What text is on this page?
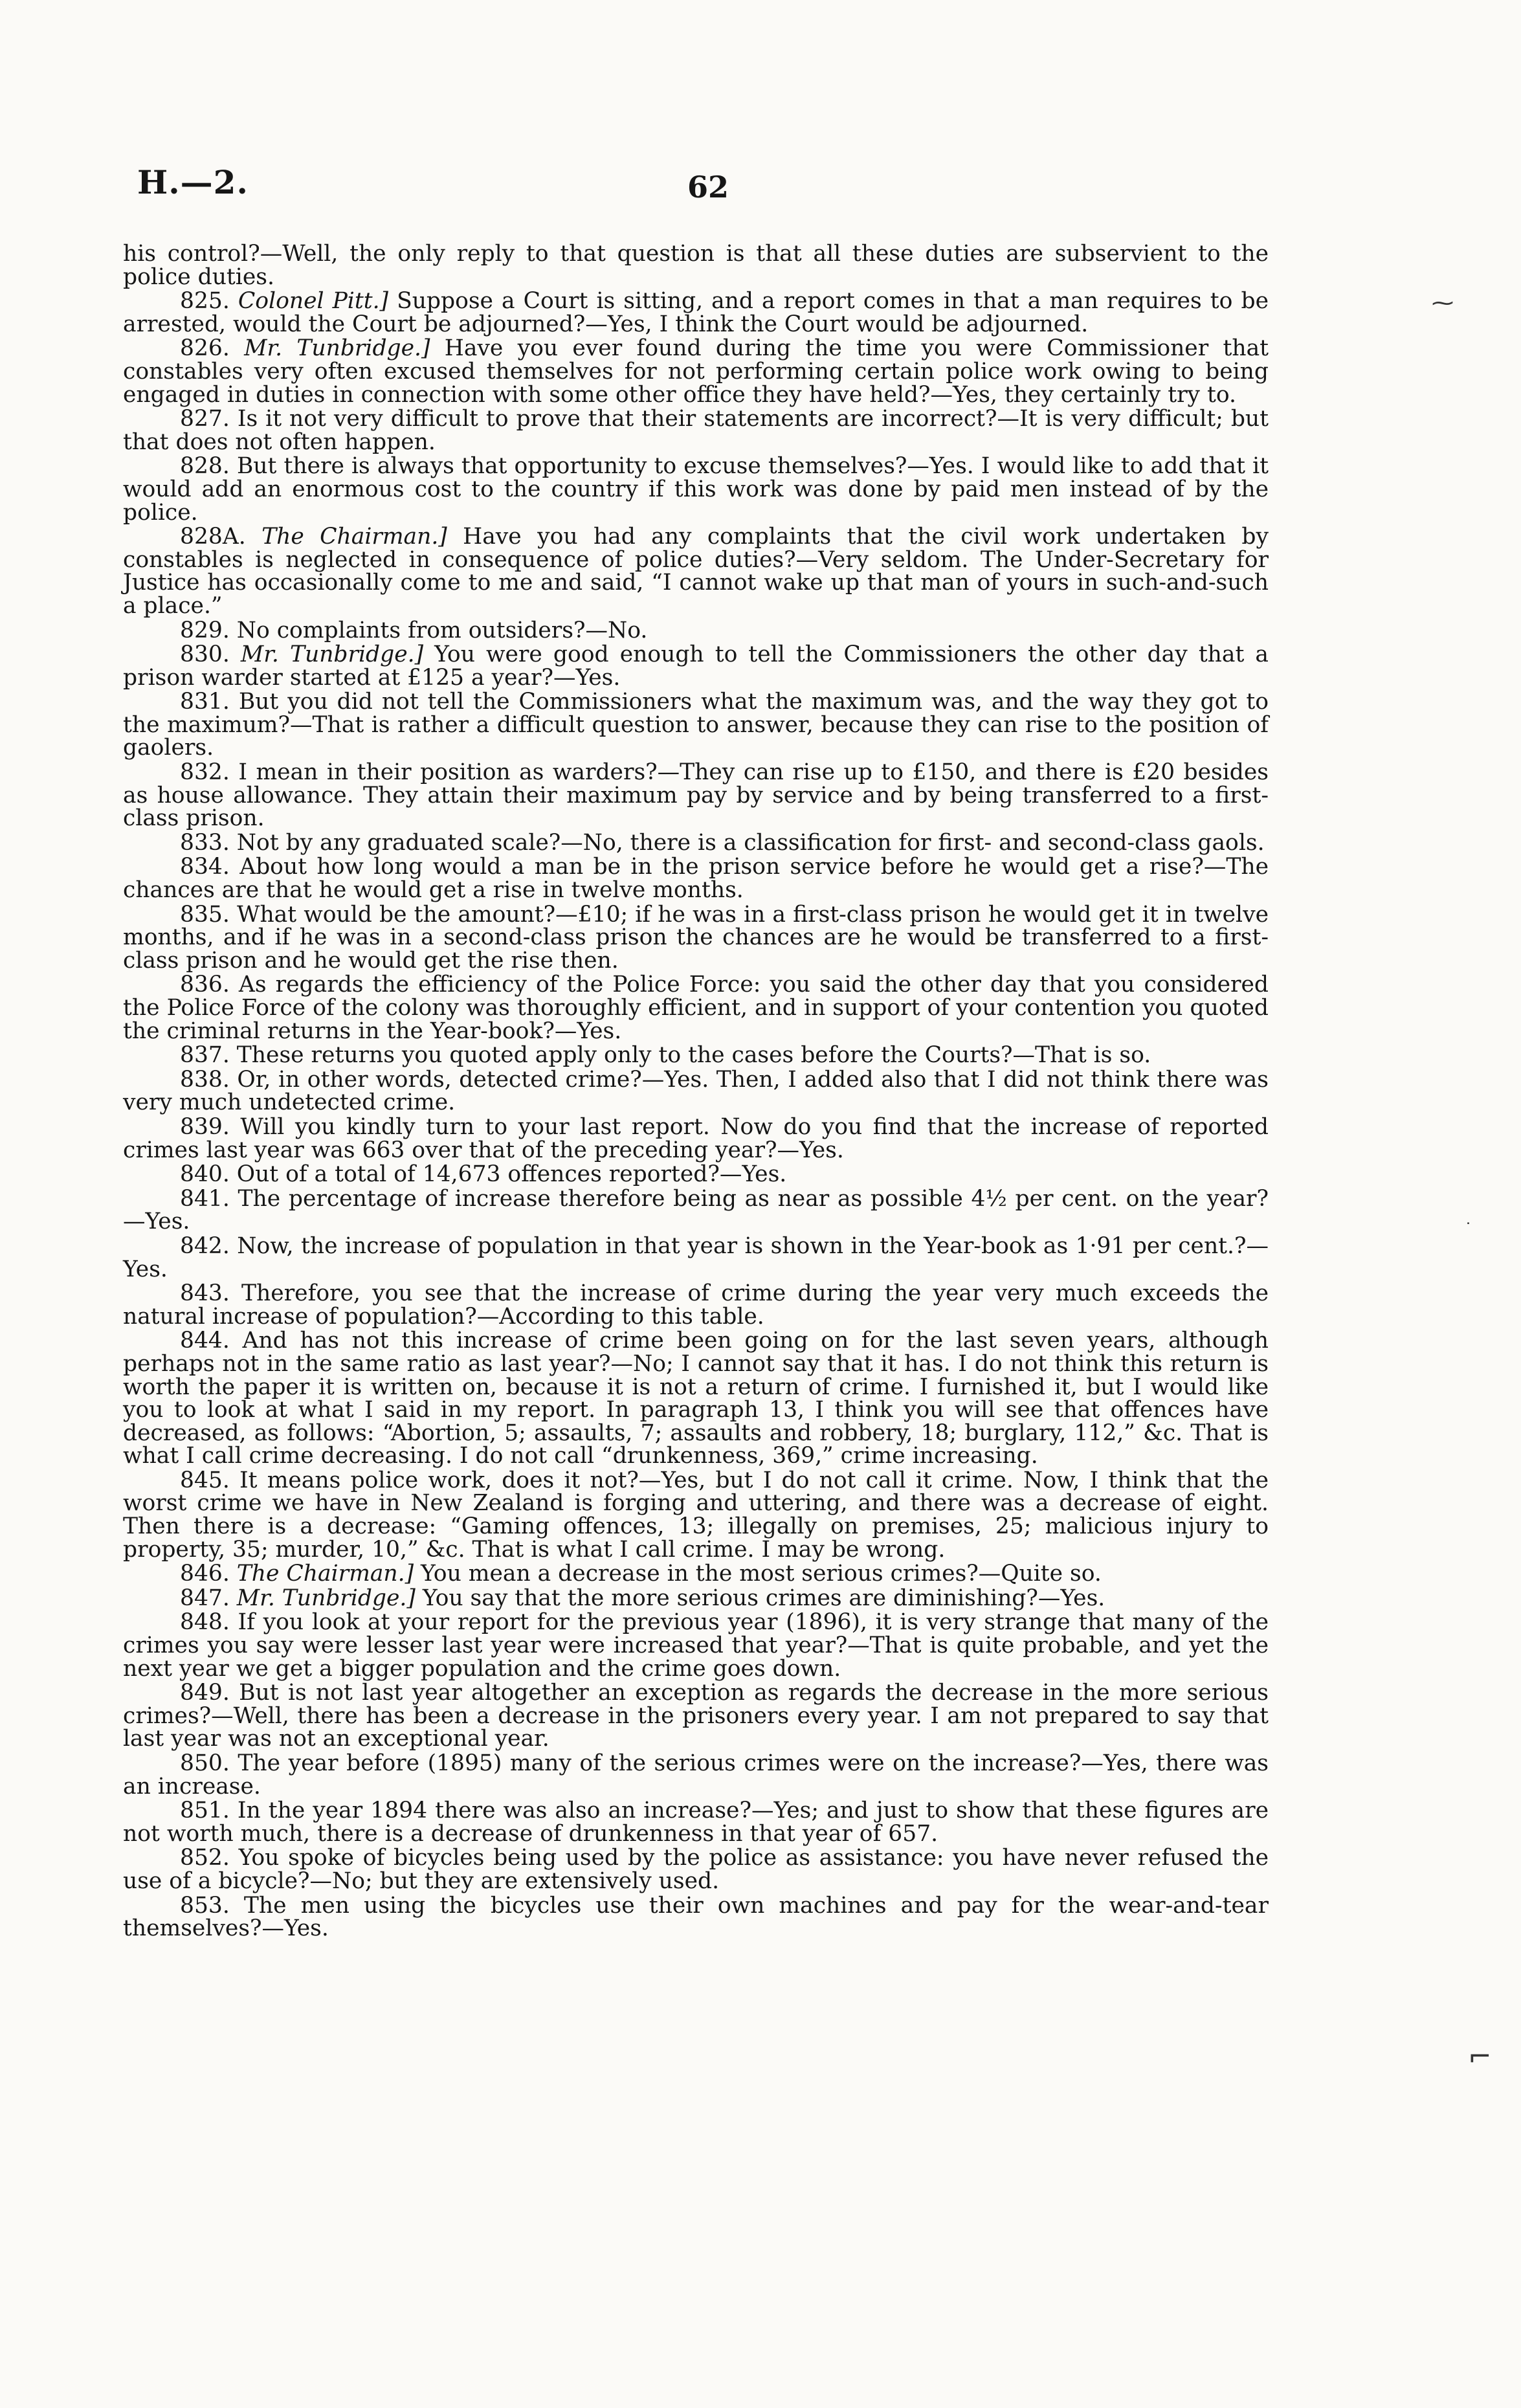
H.—2.	62

his control?—Well, the only reply to that question is that all these duties are subservient to the police duties.

825. Colonel Pitt.] Suppose a Court is sitting, and a report comes in that a man requires to be arrested, would the Court be adjourned?—Yes, I think the Court would be adjourned.

826. Mr. Tunbridge.] Have you ever found during the time you were Commissioner that constables very often excused themselves for not performing certain police work owing to being engaged in duties in connection with some other office they have held?—Yes, they certainly try to.

827. Is it not very difficult to prove that their statements are incorrect?—It is very difficult; but that does not often happen.

828. But there is always that opportunity to excuse themselves?—Yes. I would like to add that it would add an enormous cost to the country if this work was done by paid men instead of by the police.

828A. The Chairman.] Have you had any complaints that the civil work undertaken by constables is neglected in consequence of police duties?—Very seldom. The Under-Secretary for Justice has occasionally come to me and said, “I cannot wake up that man of yours in such-and-such a place.”

829. No complaints from outsiders?—No.

830. Mr. Tunbridge.] You were good enough to tell the Commissioners the other day that a prison warder started at £125 a year?—Yes.

831. But you did not tell the Commissioners what the maximum was, and the way they got to the maximum?—That is rather a difficult question to answer, because they can rise to the position of gaolers.

832. I mean in their position as warders?—They can rise up to £150, and there is £20 besides as house allowance. They attain their maximum pay by service and by being transferred to a first-class prison.

833. Not by any graduated scale?—No, there is a classification for first- and second-class gaols.

834. About how long would a man be in the prison service before he would get a rise?—The chances are that he would get a rise in twelve months.

835. What would be the amount?—£10; if he was in a first-class prison he would get it in twelve months, and if he was in a second-class prison the chances are he would be transferred to a first-class prison and he would get the rise then.

836. As regards the efficiency of the Police Force: you said the other day that you considered the Police Force of the colony was thoroughly efficient, and in support of your contention you quoted the criminal returns in the Year-book?—Yes.

837. These returns you quoted apply only to the cases before the Courts?—That is so.

838. Or, in other words, detected crime?—Yes. Then, I added also that I did not think there was very much undetected crime.

839. Will you kindly turn to your last report. Now do you find that the increase of reported crimes last year was 663 over that of the preceding year?—Yes.

840. Out of a total of 14,673 offences reported?—Yes.

841. The percentage of increase therefore being as near as possible 4½ per cent. on the year?—Yes.

842. Now, the increase of population in that year is shown in the Year-book as 1·91 per cent.?—Yes.

843. Therefore, you see that the increase of crime during the year very much exceeds the natural increase of population?—According to this table.

844. And has not this increase of crime been going on for the last seven years, although perhaps not in the same ratio as last year?—No; I cannot say that it has. I do not think this return is worth the paper it is written on, because it is not a return of crime. I furnished it, but I would like you to look at what I said in my report. In paragraph 13, I think you will see that offences have decreased, as follows: “Abortion, 5; assaults, 7; assaults and robbery, 18; burglary, 112,” &c. That is what I call crime decreasing. I do not call “drunkenness, 369,” crime increasing.

845. It means police work, does it not?—Yes, but I do not call it crime. Now, I think that the worst crime we have in New Zealand is forging and uttering, and there was a decrease of eight. Then there is a decrease: “Gaming offences, 13; illegally on premises, 25; malicious injury to property, 35; murder, 10,” &c. That is what I call crime. I may be wrong.

846. The Chairman.] You mean a decrease in the most serious crimes?—Quite so.

847. Mr. Tunbridge.] You say that the more serious crimes are diminishing?—Yes.

848. If you look at your report for the previous year (1896), it is very strange that many of the crimes you say were lesser last year were increased that year?—That is quite probable, and yet the next year we get a bigger population and the crime goes down.

849. But is not last year altogether an exception as regards the decrease in the more serious crimes?—Well, there has been a decrease in the prisoners every year. I am not prepared to say that last year was not an exceptional year.

850. The year before (1895) many of the serious crimes were on the increase?—Yes, there was an increase.

851. In the year 1894 there was also an increase?—Yes; and just to show that these figures are not worth much, there is a decrease of drunkenness in that year of 657.

852. You spoke of bicycles being used by the police as assistance: you have never refused the use of a bicycle?—No; but they are extensively used.

853. The men using the bicycles use their own machines and pay for the wear-and-tear themselves?—Yes.

⁓
˙
⌐
